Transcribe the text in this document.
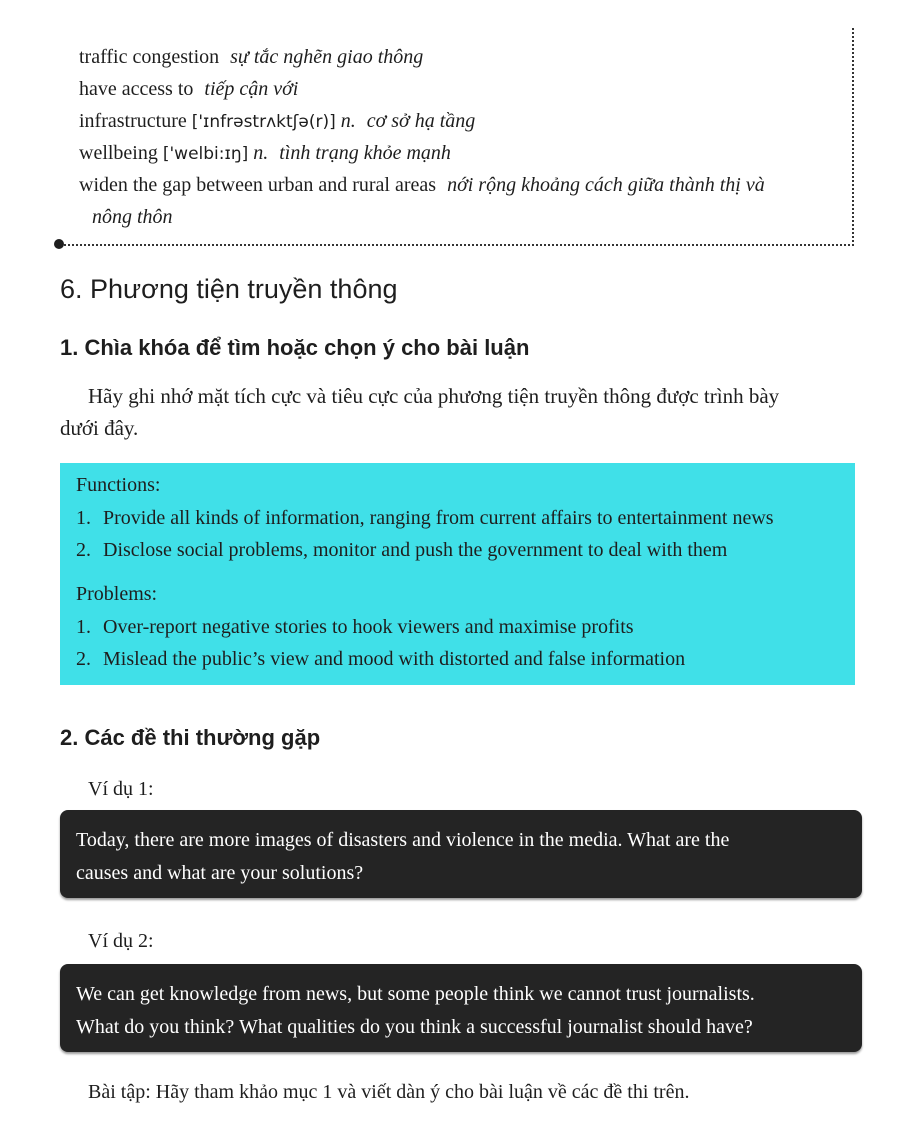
traffic congestion sự tắc nghẽn giao thông
have access to tiếp cận với
infrastructure ['ɪnfrəstrʌktʃə(r)] n. cơ sở hạ tầng
wellbeing ['welbi:ɪŋ] n. tình trạng khỏe mạnh
widen the gap between urban and rural areas nới rộng khoảng cách giữa thành thị và
nông thôn
6. Phương tiện truyền thông
1. Chìa khóa để tìm hoặc chọn ý cho bài luận
Hãy ghi nhớ mặt tích cực và tiêu cực của phương tiện truyền thông được trình bày
dưới đây.
Functions:
1. Provide all kinds of information, ranging from current affairs to entertainment news
2. Disclose social problems, monitor and push the government to deal with them
Problems:
1. Over-report negative stories to hook viewers and maximise profits
2. Mislead the public’s view and mood with distorted and false information
2. Các đề thi thường gặp
Ví dụ 1:
Today, there are more images of disasters and violence in the media. What are the
causes and what are your solutions?
Ví dụ 2:
We can get knowledge from news, but some people think we cannot trust journalists.
What do you think? What qualities do you think a successful journalist should have?
Bài tập: Hãy tham khảo mục 1 và viết dàn ý cho bài luận về các đề thi trên.
